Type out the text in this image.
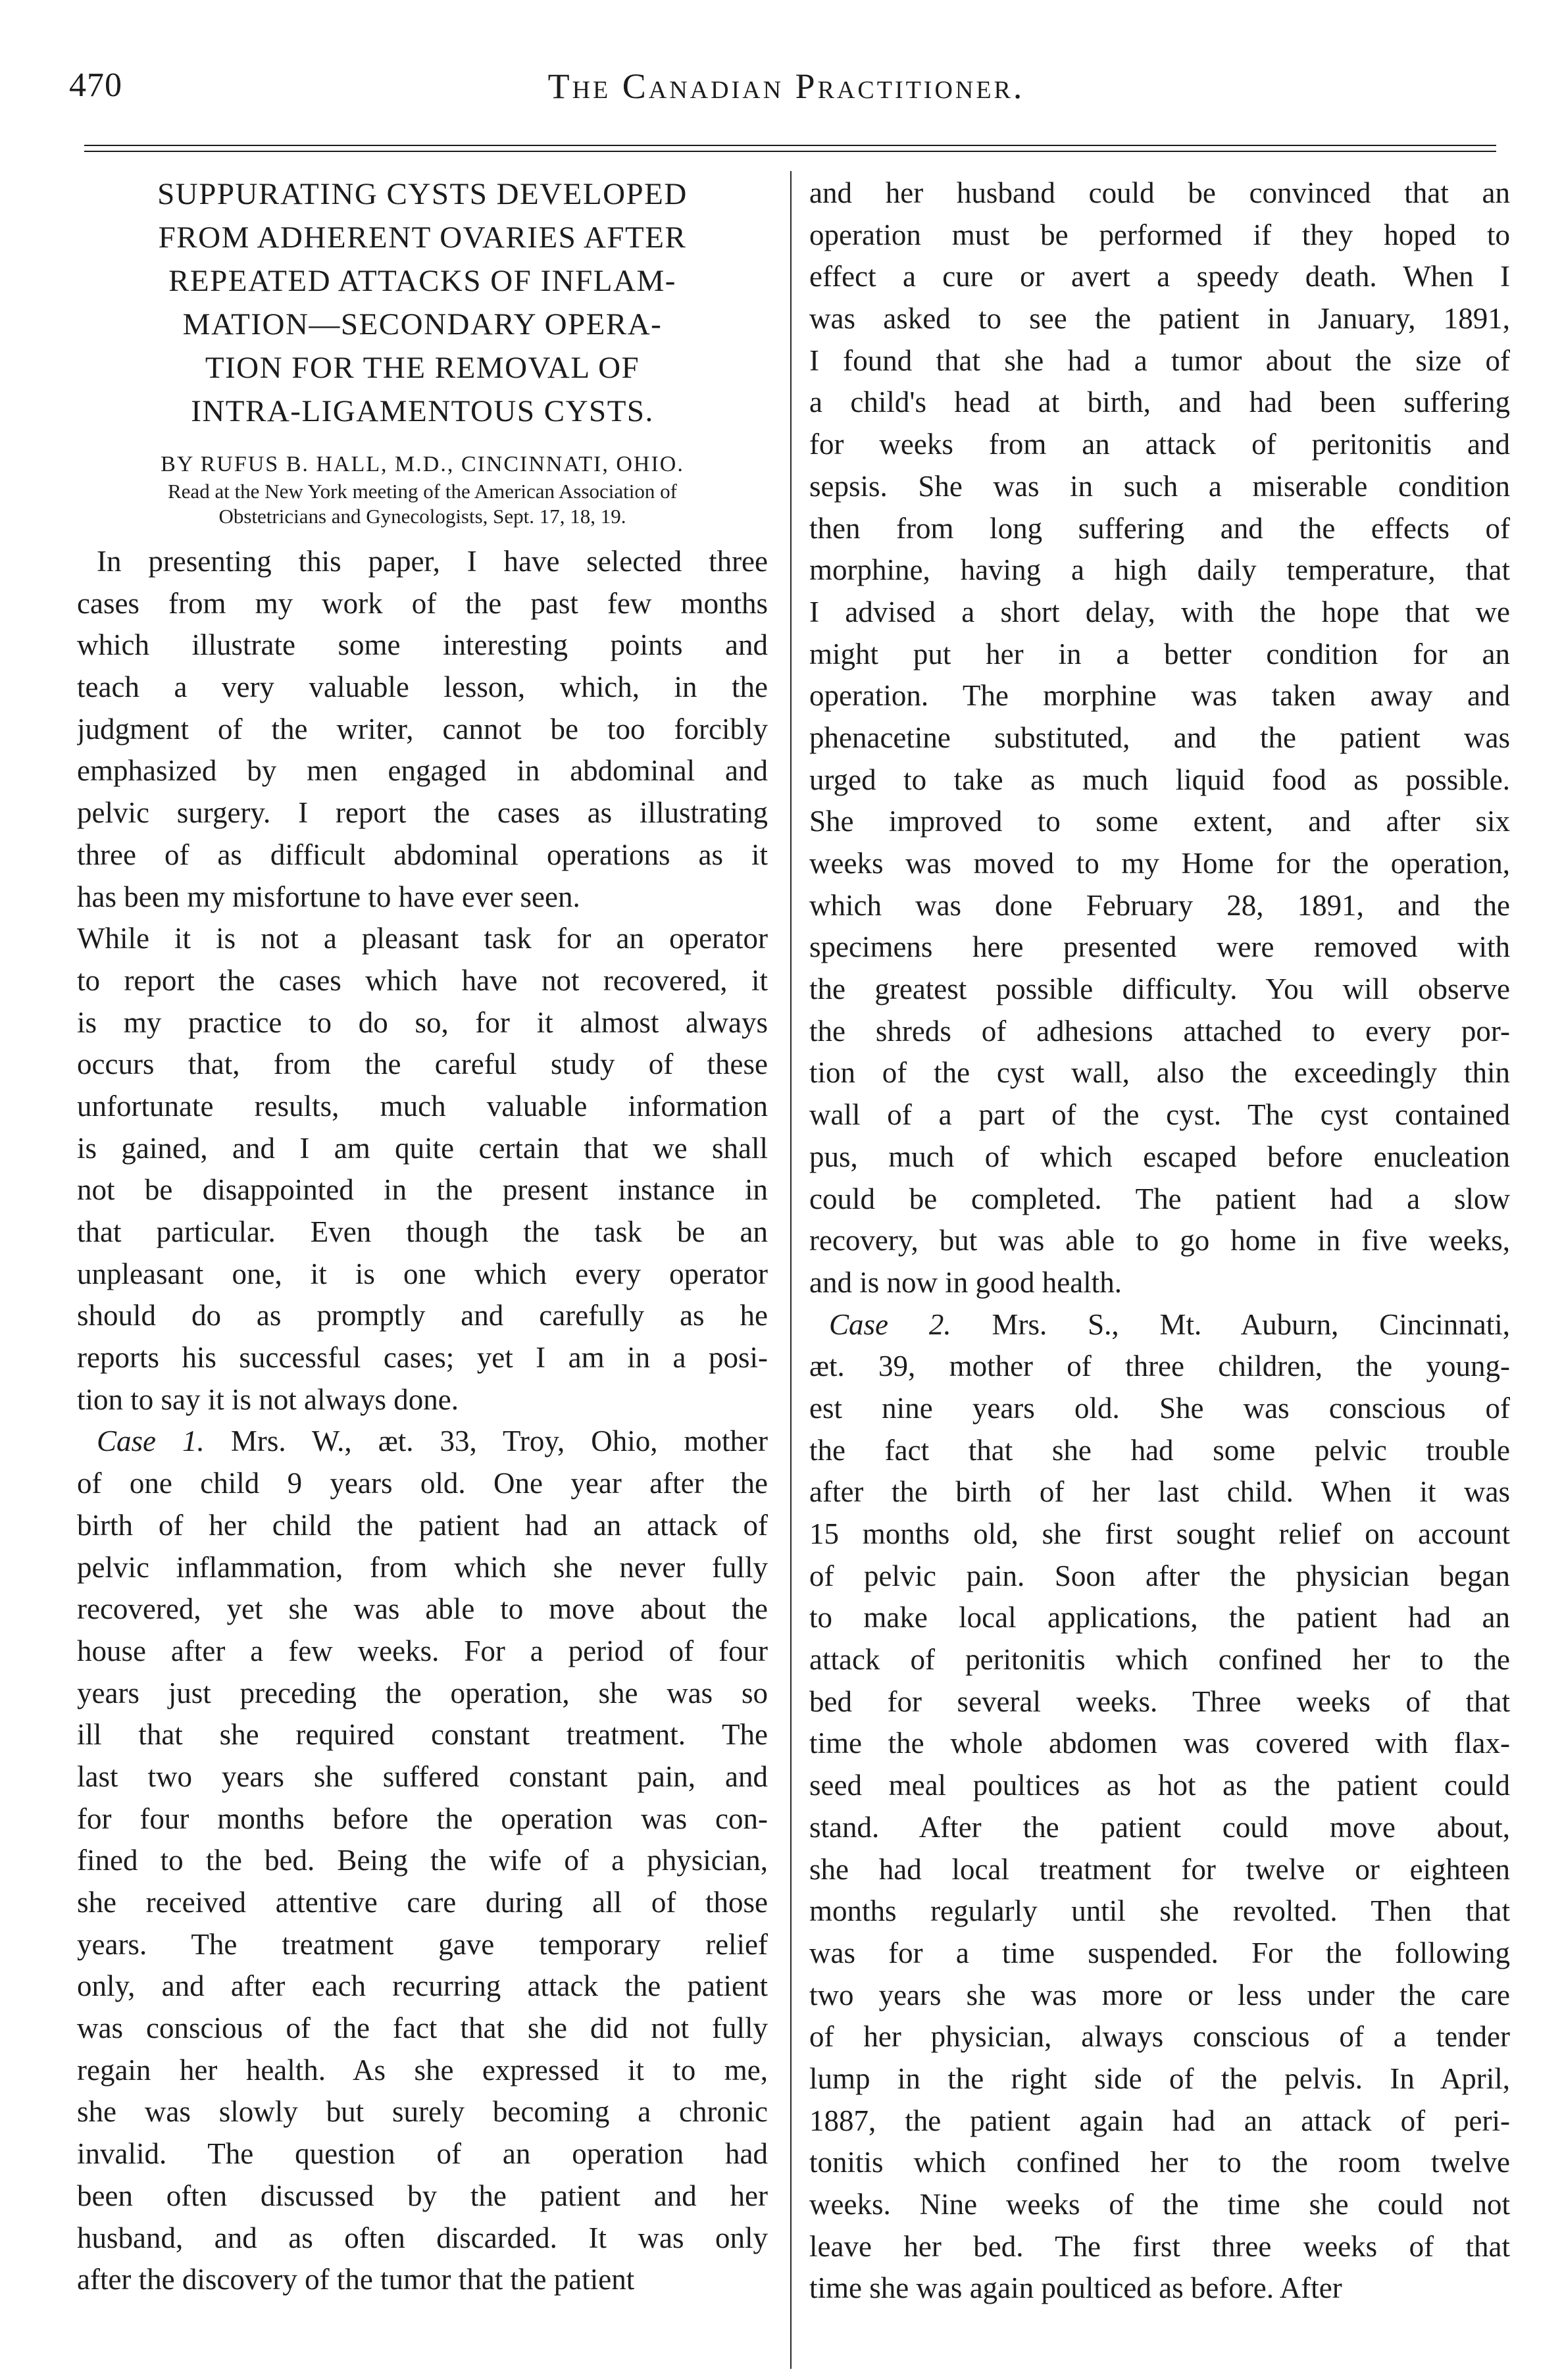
470	The Canadian Practitioner.
SUPPURATING CYSTS DEVELOPED
FROM ADHERENT OVARIES AFTER
REPEATED ATTACKS OF INFLAM-
MATION—SECONDARY OPERA-
TION FOR THE REMOVAL OF
INTRA-LIGAMENTOUS CYSTS.
BY RUFUS B. HALL, M.D., CINCINNATI, OHIO.
Read at the New York meeting of the American Association of
Obstetricians and Gynecologists, Sept. 17, 18, 19.
In presenting this paper, I have selected three
cases from my work of the past few months
which illustrate some interesting points and
teach a very valuable lesson, which, in the
judgment of the writer, cannot be too forcibly
emphasized by men engaged in abdominal and
pelvic surgery. I report the cases as illustrating
three of as difficult abdominal operations as it
has been my misfortune to have ever seen.
While it is not a pleasant task for an operator
to report the cases which have not recovered, it
is my practice to do so, for it almost always
occurs that, from the careful study of these
unfortunate results, much valuable information
is gained, and I am quite certain that we shall
not be disappointed in the present instance in
that particular. Even though the task be an
unpleasant one, it is one which every operator
should do as promptly and carefully as he
reports his successful cases; yet I am in a posi-
tion to say it is not always done.
Case 1. Mrs. W., æt. 33, Troy, Ohio, mother
of one child 9 years old. One year after the
birth of her child the patient had an attack of
pelvic inflammation, from which she never fully
recovered, yet she was able to move about the
house after a few weeks. For a period of four
years just preceding the operation, she was so
ill that she required constant treatment. The
last two years she suffered constant pain, and
for four months before the operation was con-
fined to the bed. Being the wife of a physician,
she received attentive care during all of those
years. The treatment gave temporary relief
only, and after each recurring attack the patient
was conscious of the fact that she did not fully
regain her health. As she expressed it to me,
she was slowly but surely becoming a chronic
invalid. The question of an operation had
been often discussed by the patient and her
husband, and as often discarded. It was only
after the discovery of the tumor that the patient
and her husband could be convinced that an
operation must be performed if they hoped to
effect a cure or avert a speedy death. When I
was asked to see the patient in January, 1891,
I found that she had a tumor about the size of
a child's head at birth, and had been suffering
for weeks from an attack of peritonitis and
sepsis. She was in such a miserable condition
then from long suffering and the effects of
morphine, having a high daily temperature, that
I advised a short delay, with the hope that we
might put her in a better condition for an
operation. The morphine was taken away and
phenacetine substituted, and the patient was
urged to take as much liquid food as possible.
She improved to some extent, and after six
weeks was moved to my Home for the operation,
which was done February 28, 1891, and the
specimens here presented were removed with
the greatest possible difficulty. You will observe
the shreds of adhesions attached to every por-
tion of the cyst wall, also the exceedingly thin
wall of a part of the cyst. The cyst contained
pus, much of which escaped before enucleation
could be completed. The patient had a slow
recovery, but was able to go home in five weeks,
and is now in good health.
Case 2. Mrs. S., Mt. Auburn, Cincinnati,
æt. 39, mother of three children, the young-
est nine years old. She was conscious of
the fact that she had some pelvic trouble
after the birth of her last child. When it was
15 months old, she first sought relief on account
of pelvic pain. Soon after the physician began
to make local applications, the patient had an
attack of peritonitis which confined her to the
bed for several weeks. Three weeks of that
time the whole abdomen was covered with flax-
seed meal poultices as hot as the patient could
stand. After the patient could move about,
she had local treatment for twelve or eighteen
months regularly until she revolted. Then that
was for a time suspended. For the following
two years she was more or less under the care
of her physician, always conscious of a tender
lump in the right side of the pelvis. In April,
1887, the patient again had an attack of peri-
tonitis which confined her to the room twelve
weeks. Nine weeks of the time she could not
leave her bed. The first three weeks of that
time she was again poulticed as before. After
